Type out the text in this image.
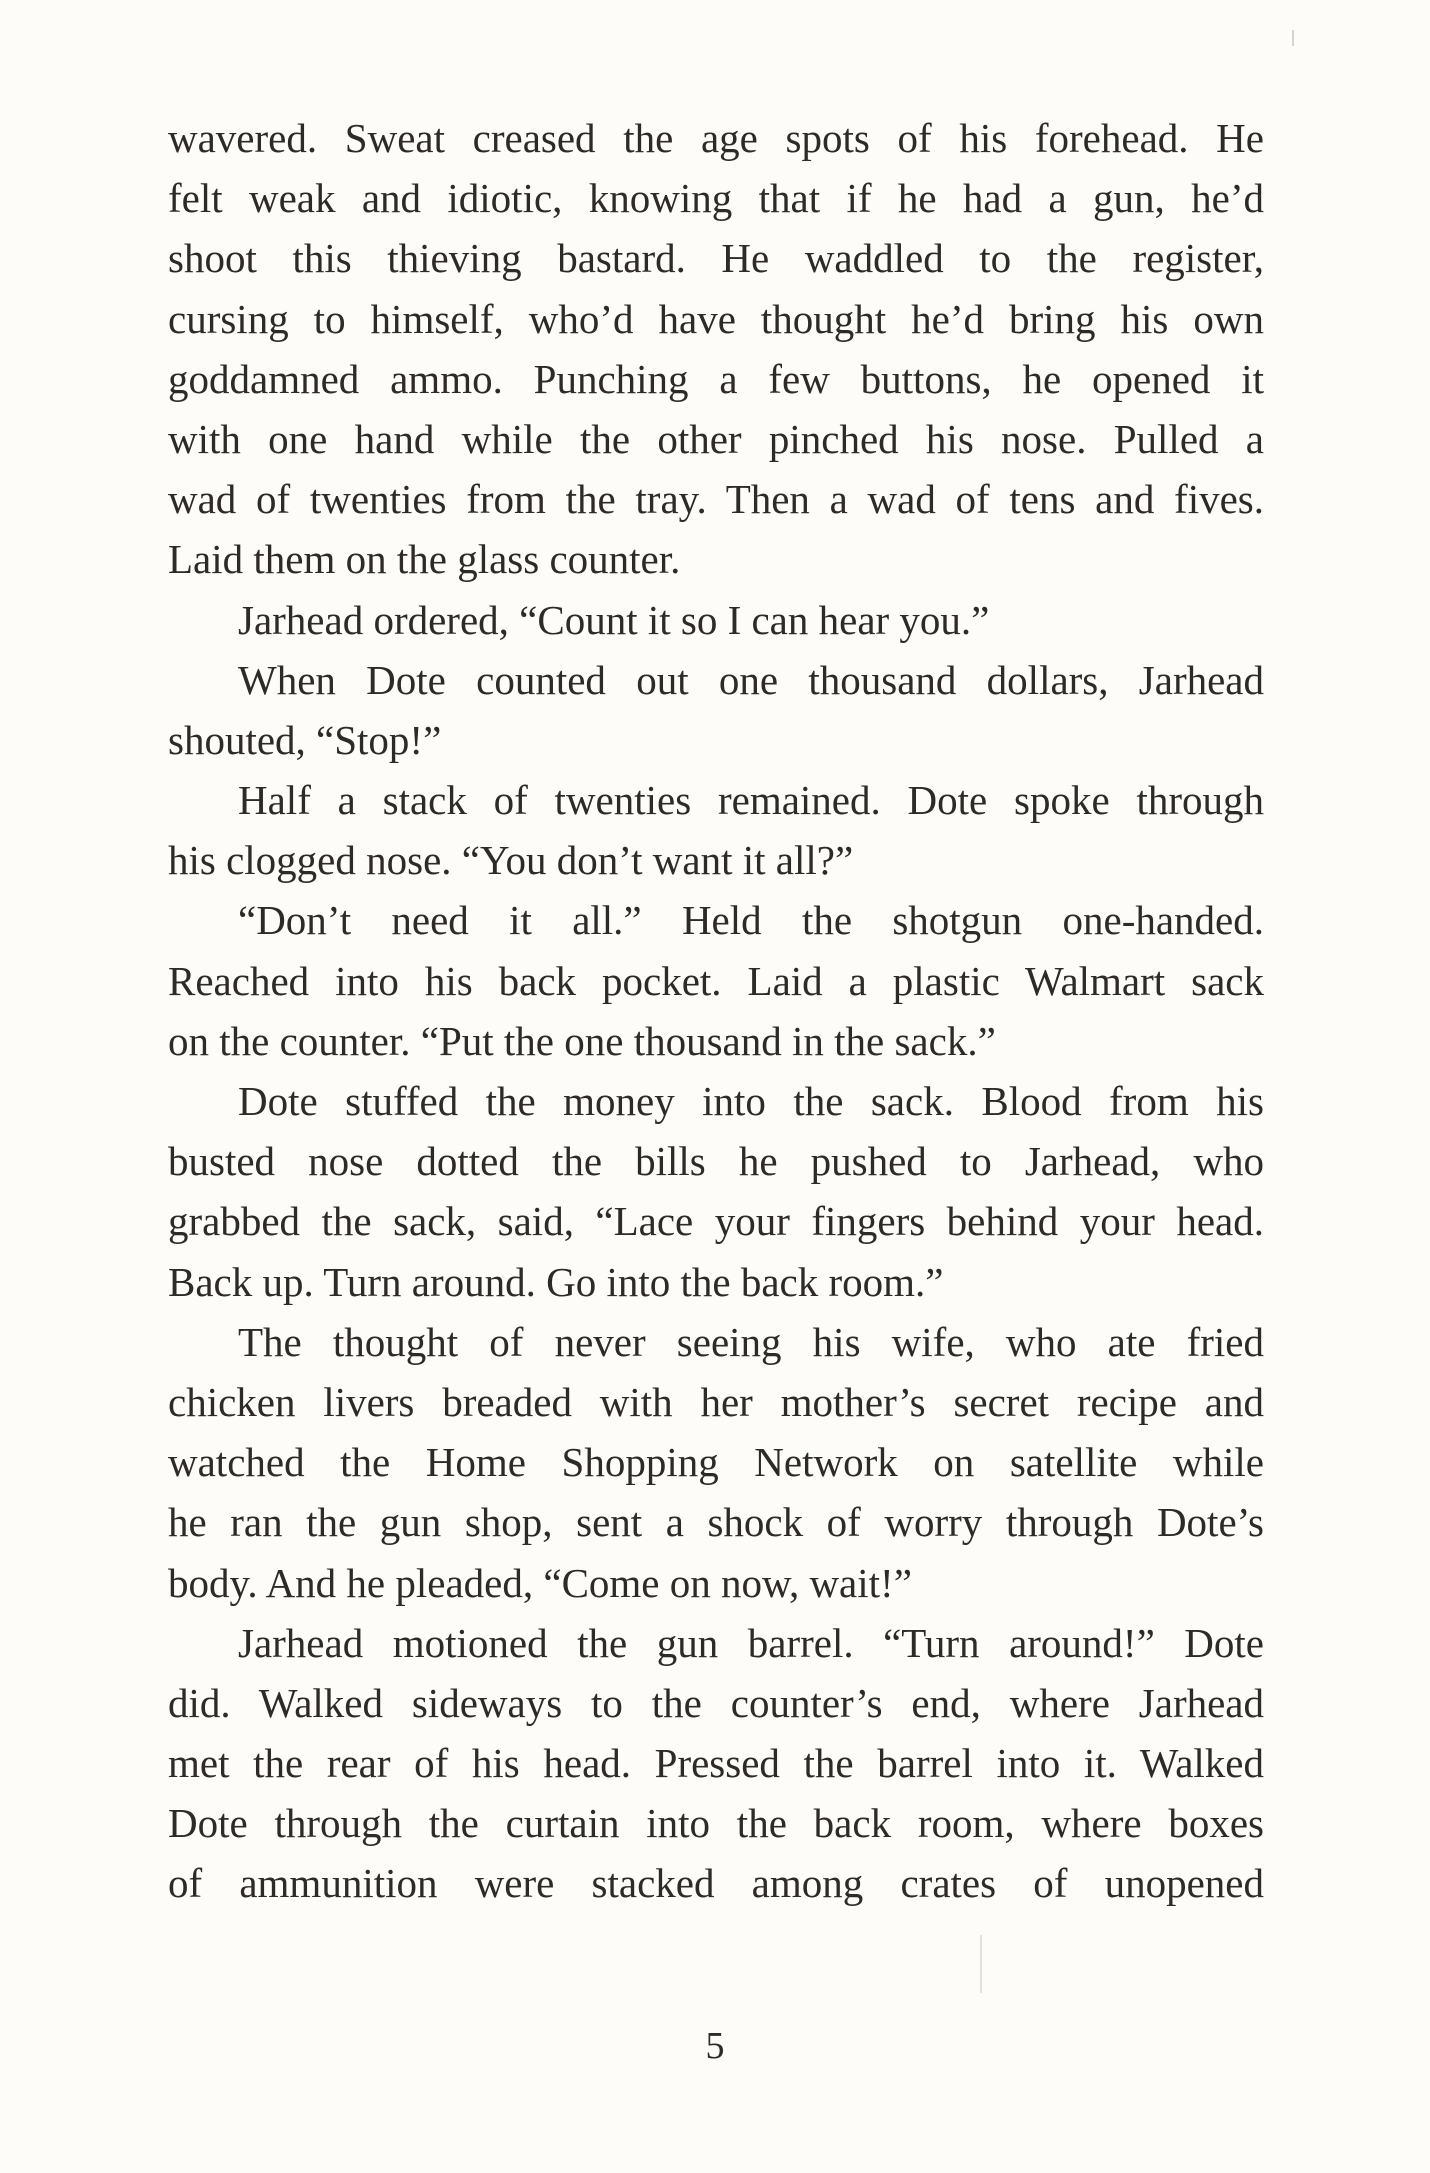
wavered. Sweat creased the age spots of his forehead. He
felt weak and idiotic, knowing that if he had a gun, he’d
shoot this thieving bastard. He waddled to the register,
cursing to himself, who’d have thought he’d bring his own
goddamned ammo. Punching a few buttons, he opened it
with one hand while the other pinched his nose. Pulled a
wad of twenties from the tray. Then a wad of tens and fives.
Laid them on the glass counter.
Jarhead ordered, “Count it so I can hear you.”
When Dote counted out one thousand dollars, Jarhead
shouted, “Stop!”
Half a stack of twenties remained. Dote spoke through
his clogged nose. “You don’t want it all?”
“Don’t need it all.” Held the shotgun one-handed.
Reached into his back pocket. Laid a plastic Walmart sack
on the counter. “Put the one thousand in the sack.”
Dote stuffed the money into the sack. Blood from his
busted nose dotted the bills he pushed to Jarhead, who
grabbed the sack, said, “Lace your fingers behind your head.
Back up. Turn around. Go into the back room.”
The thought of never seeing his wife, who ate fried
chicken livers breaded with her mother’s secret recipe and
watched the Home Shopping Network on satellite while
he ran the gun shop, sent a shock of worry through Dote’s
body. And he pleaded, “Come on now, wait!”
Jarhead motioned the gun barrel. “Turn around!” Dote
did. Walked sideways to the counter’s end, where Jarhead
met the rear of his head. Pressed the barrel into it. Walked
Dote through the curtain into the back room, where boxes
of ammunition were stacked among crates of unopened
5
